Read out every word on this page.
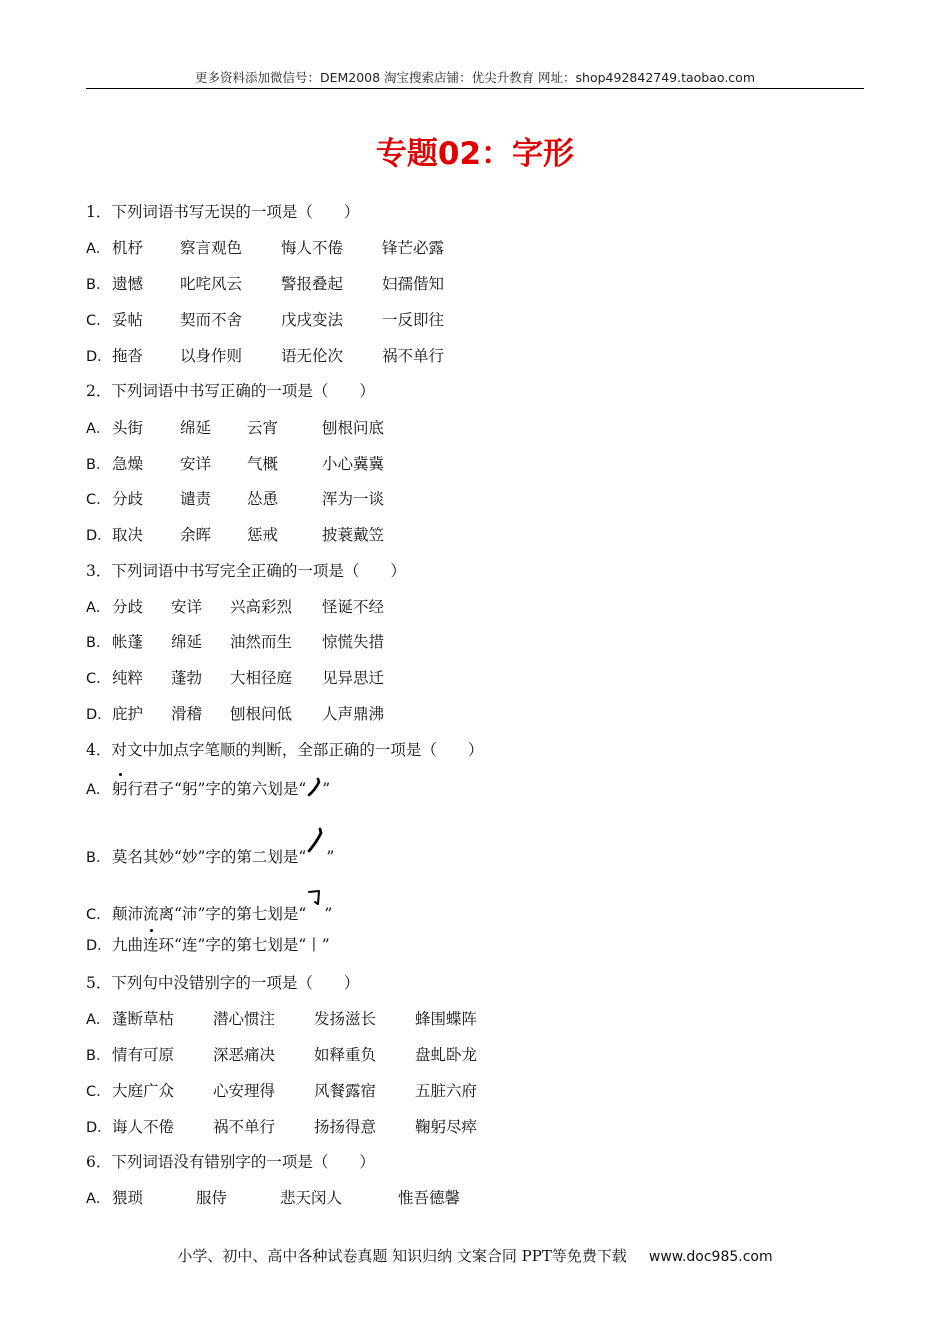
更多资料添加微信号：DEM2008 淘宝搜索店铺：优尖升教育 网址：shop492842749.taobao.com
专题02：字形
1．下列词语书写无误的一项是（　　）
A． 机杼 察言观色	悔人不倦	锋芒必露
B． 遗憾 叱咤风云	警报叠起	妇孺偕知
C． 妥帖 契而不舍	戊戌变法	一反即往
D． 拖沓 以身作则	语无伦次	祸不单行
2．下列词语中书写正确的一项是（　　）
A． 头街 绵延 云宵	刨根问底
B． 急燥 安详 气概	小心冀冀
C． 分歧 谴责 怂恿	浑为一谈
D． 取决 余晖 惩戒	披蓑戴笠
3．下列词语中书写完全正确的一项是（　　）
A． 分歧 安详 兴高彩烈 怪诞不经
B． 帐蓬 绵延 油然而生 惊慌失措
C． 纯粹 蓬勃 大相径庭 见异思迁
D． 庇护 滑稽 刨根问低 人声鼎沸
4．对文中加点字笔顺的判断，全部正确的一项是（　　）
A． 躬行君子“躬”字的第六划是“ ”
B．莫名其妙“妙”字的第二划是“ ”
C．颠沛流离“沛”字的第七划是“ ”
D．九曲连环“连”字的第七划是“丨”
5．下列句中没错别字的一项是（　　）
A． 蓬断草枯	潜心惯注	发扬滋长	蜂围蝶阵
B． 情有可原	深恶痛决	如释重负	盘虬卧龙
C． 大庭广众	心安理得	风餐露宿	五脏六府
D． 诲人不倦	祸不单行	扬扬得意	鞠躬尽瘁
6．下列词语没有错别字的一项是（　　）
A． 猥琐	服侍	悲天闵人	惟吾德馨
小学、初中、高中各种试卷真题 知识归纳 文案合同 PPT等免费下载 www.doc985.com
